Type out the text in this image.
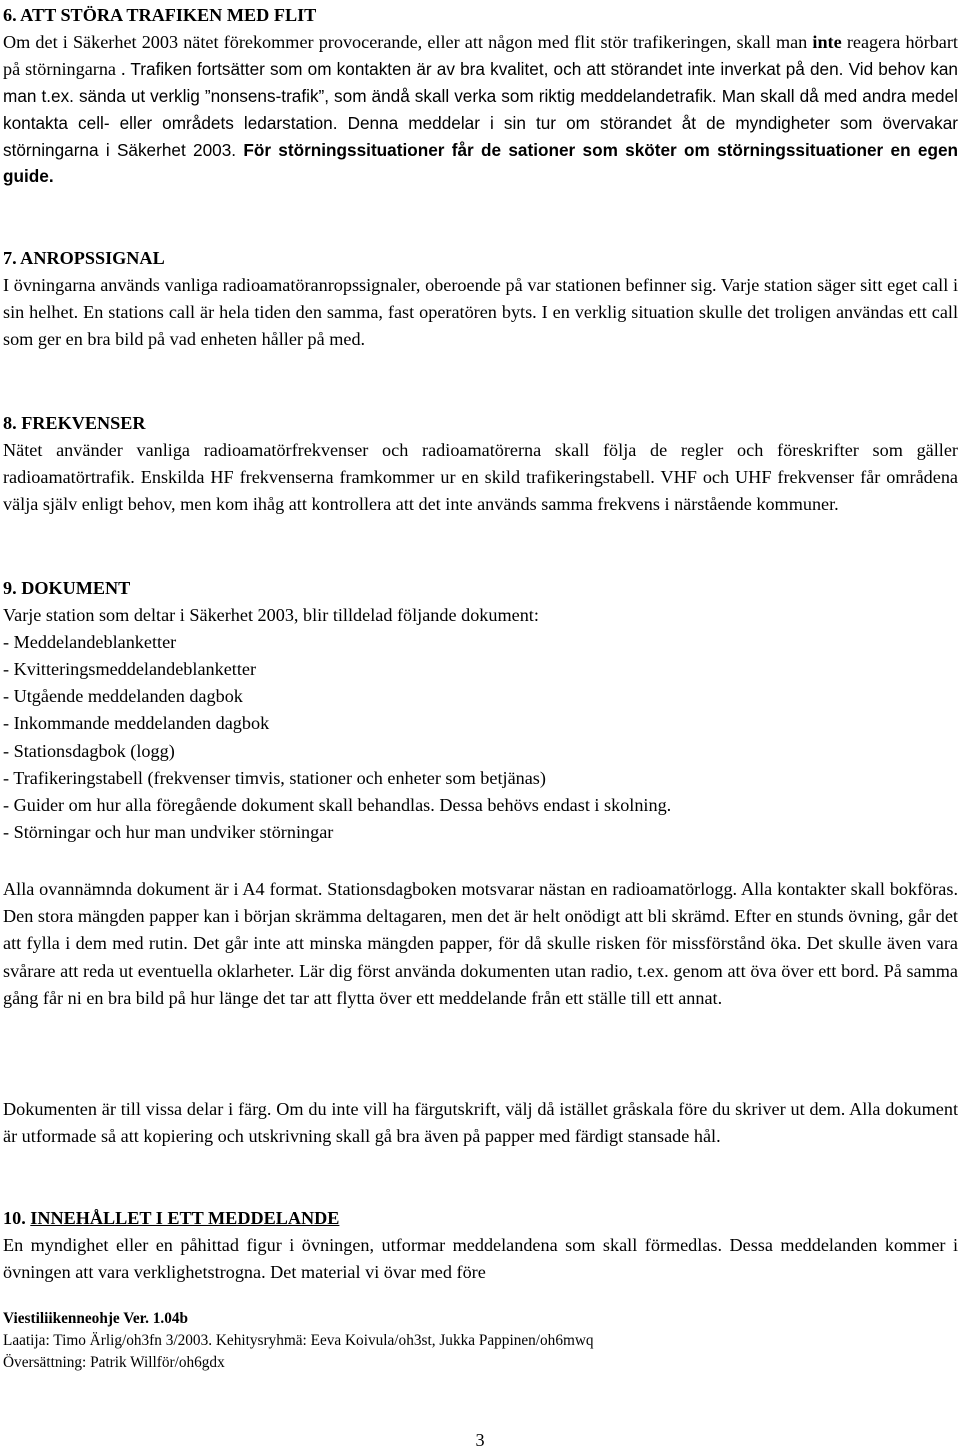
6. ATT STÖRA TRAFIKEN MED FLIT

Om det i Säkerhet 2003 nätet förekommer provocerande, eller att någon med flit stör trafikeringen, skall man inte reagera hörbart på störningarna . Trafiken fortsätter som om kontakten är av bra kvalitet, och att störandet inte inverkat på den. Vid behov kan man t.ex. sända ut verklig ”nonsens-trafik”, som ändå skall verka som riktig meddelandetrafik. Man skall då med andra medel kontakta cell- eller områdets ledarstation. Denna meddelar i sin tur om störandet åt de myndigheter som övervakar störningarna i Säkerhet 2003. För störningssituationer får de sationer som sköter om störningssituationer en egen guide.

7. ANROPSSIGNAL

I övningarna används vanliga radioamatöranropssignaler, oberoende på var stationen befinner sig. Varje station säger sitt eget call i sin helhet. En stations call är hela tiden den samma, fast operatören byts. I en verklig situation skulle det troligen användas ett call som ger en bra bild på vad enheten håller på med.

8. FREKVENSER

Nätet använder vanliga radioamatörfrekvenser och radioamatörerna skall följa de regler och föreskrifter som gäller radioamatörtrafik. Enskilda HF frekvenserna framkommer ur en skild trafikeringstabell. VHF och UHF frekvenser får områdena välja själv enligt behov, men kom ihåg att kontrollera att det inte används samma frekvens i närstående kommuner.

9. DOKUMENT

Varje station som deltar i Säkerhet 2003, blir tilldelad följande dokument:

- Meddelandeblanketter
- Kvitteringsmeddelandeblanketter
- Utgående meddelanden dagbok
- Inkommande meddelanden dagbok
- Stationsdagbok (logg)
- Trafikeringstabell (frekvenser timvis, stationer och enheter som betjänas)
- Guider om hur alla föregående dokument skall behandlas. Dessa behövs endast i skolning.
- Störningar och hur man undviker störningar

Alla ovannämnda dokument är i A4 format. Stationsdagboken motsvarar nästan en radioamatörlogg. Alla kontakter skall bokföras. Den stora mängden papper kan i början skrämma deltagaren, men det är helt onödigt att bli skrämd. Efter en stunds övning, går det att fylla i dem med rutin. Det går inte att minska mängden papper, för då skulle risken för missförstånd öka. Det skulle även vara svårare att reda ut eventuella oklarheter. Lär dig först använda dokumenten utan radio, t.ex. genom att öva över ett bord. På samma gång får ni en bra bild på hur länge det tar att flytta över ett meddelande från ett ställe till ett annat.

Dokumenten är till vissa delar i färg. Om du inte vill ha färgutskrift, välj då istället gråskala före du skriver ut dem. Alla dokument är utformade så att kopiering och utskrivning skall gå bra även på papper med färdigt stansade hål.

10. INNEHÅLLET I ETT MEDDELANDE

En myndighet eller en påhittad figur i övningen, utformar meddelandena som skall förmedlas. Dessa meddelanden kommer i övningen att vara verklighetstrogna. Det material vi övar med före

Viestiliikenneohje Ver. 1.04b

Laatija: Timo Ärlig/oh3fn 3/2003. Kehitysryhmä: Eeva Koivula/oh3st, Jukka Pappinen/oh6mwq

Översättning: Patrik Willför/oh6gdx

3
